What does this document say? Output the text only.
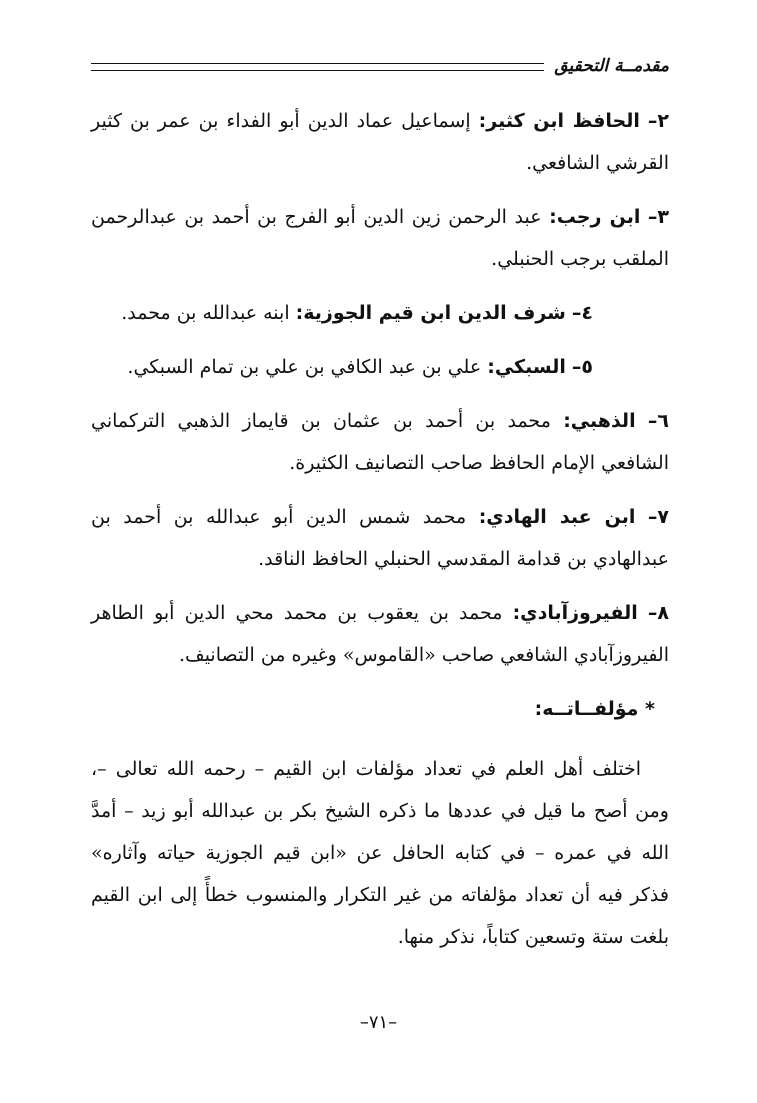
مقدمــة التحقيق

٢– الحافظ ابن كثير: إسماعيل عماد الدين أبو الفداء بن عمر بن كثير القرشي الشافعي.

٣– ابن رجب: عبد الرحمن زين الدين أبو الفرج بن أحمد بن عبدالرحمن الملقب برجب الحنبلي.

٤– شرف الدين ابن قيم الجوزية: ابنه عبدالله بن محمد.

٥– السبكي: علي بن عبد الكافي بن علي بن تمام السبكي.

٦– الذهبي: محمد بن أحمد بن عثمان بن قايماز الذهبي التركماني الشافعي الإمام الحافظ صاحب التصانيف الكثيرة.

٧– ابن عبد الهادي: محمد شمس الدين أبو عبدالله بن أحمد بن عبدالهادي بن قدامة المقدسي الحنبلي الحافظ الناقد.

٨– الفيروزآبادي: محمد بن يعقوب بن محمد محي الدين أبو الطاهر الفيروزآبادي الشافعي صاحب «القاموس» وغيره من التصانيف.

* مؤلفــاتــه:

اختلف أهل العلم في تعداد مؤلفات ابن القيم – رحمه الله تعالى –، ومن أصح ما قيل في عددها ما ذكره الشيخ بكر بن عبدالله أبو زيد – أمدَّ الله في عمره – في كتابه الحافل عن «ابن قيم الجوزية حياته وآثاره» فذكر فيه أن تعداد مؤلفاته من غير التكرار والمنسوب خطأً إلى ابن القيم بلغت ستة وتسعين كتاباً، نذكر منها.

–٧١–
